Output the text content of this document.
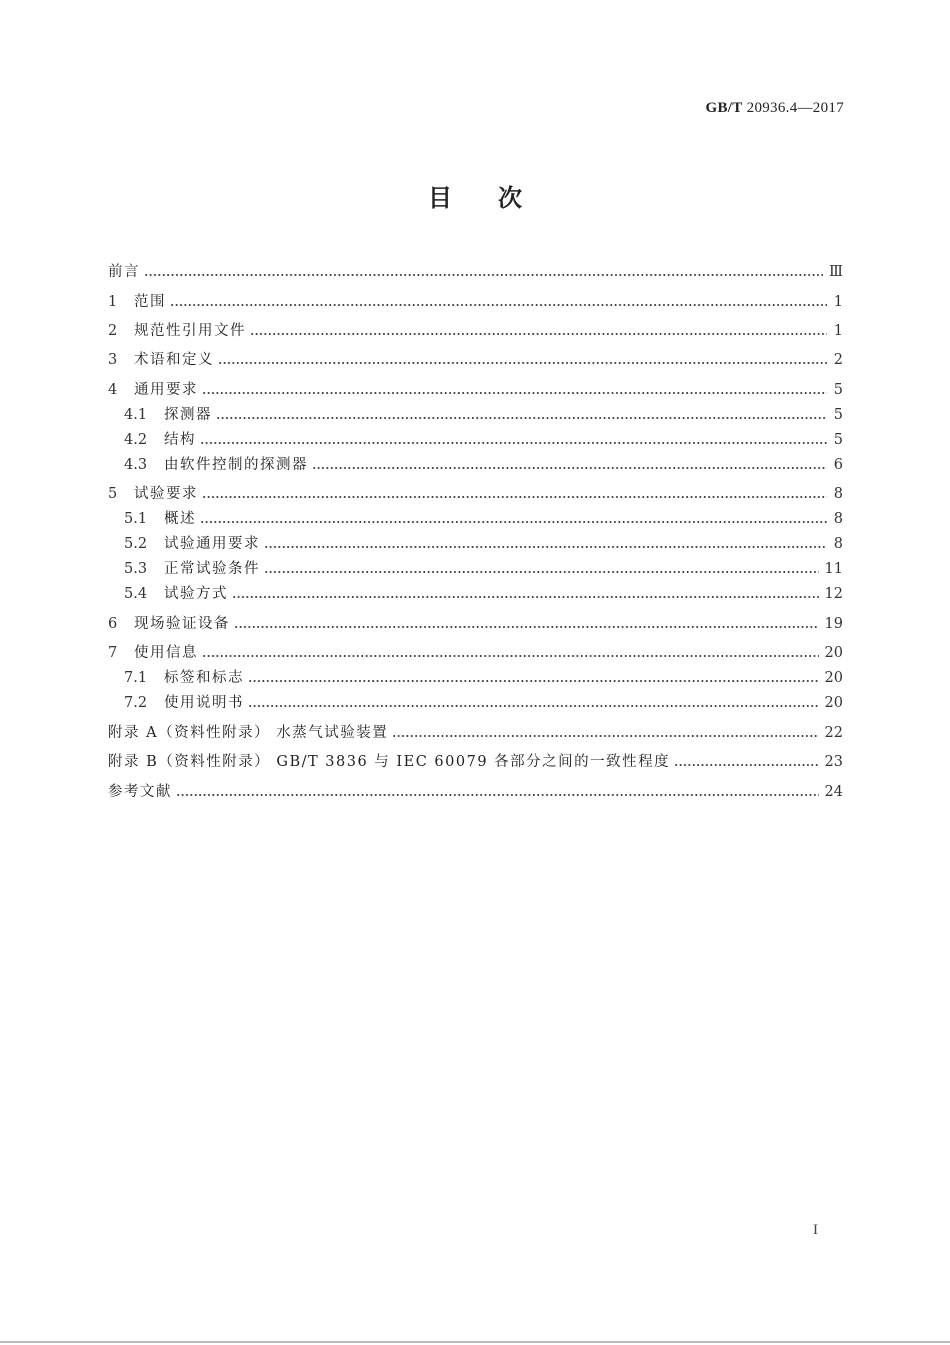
GB/T 20936.4—2017
目次
前言	Ⅲ
1	范围	1
2	规范性引用文件	1
3	术语和定义	2
4	通用要求	5
4.1	探测器	5
4.2	结构	5
4.3	由软件控制的探测器	6
5	试验要求	8
5.1	概述	8
5.2	试验通用要求	8
5.3	正常试验条件	11
5.4	试验方式	12
6	现场验证设备	19
7	使用信息	20
7.1	标签和标志	20
7.2	使用说明书	20
附录 A（资料性附录） 水蒸气试验装置	22
附录 B（资料性附录） GB/T 3836 与 IEC 60079 各部分之间的一致性程度	23
参考文献	24
I
